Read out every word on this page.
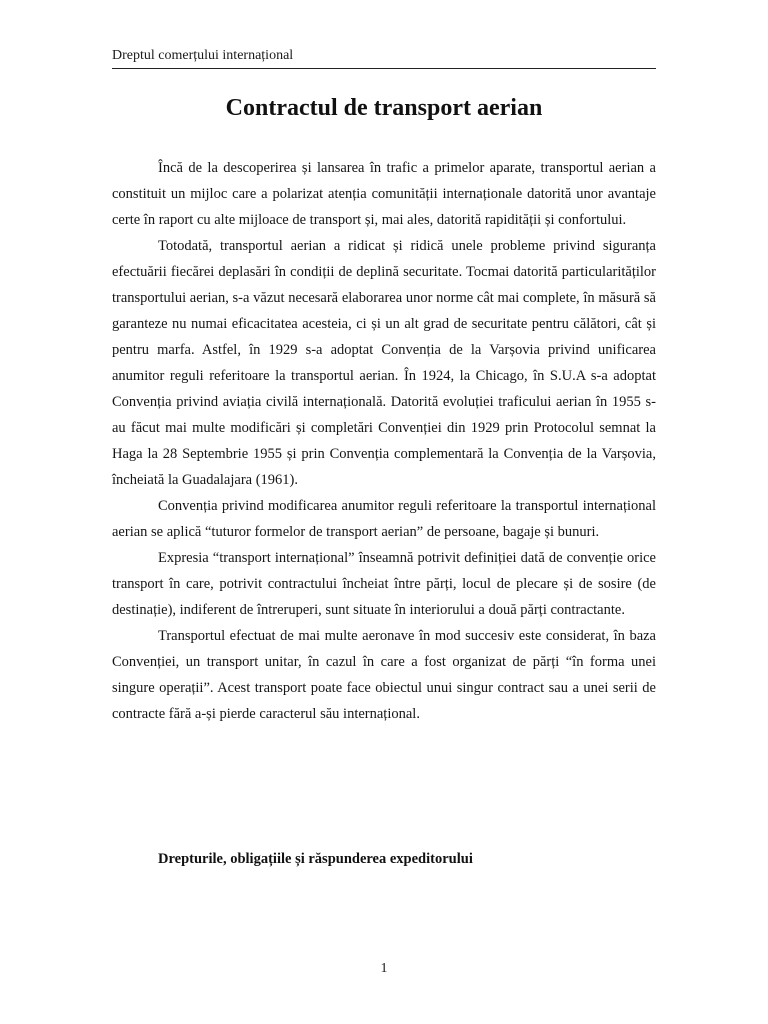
Dreptul comerțului internațional
Contractul de transport aerian

Încă de la descoperirea și lansarea în trafic a primelor aparate, transportul aerian a constituit un mijloc care a polarizat atenția comunității internaționale datorită unor avantaje certe în raport cu alte mijloace de transport și, mai ales, datorită rapidității și confortului.

Totodată, transportul aerian a ridicat și ridică unele probleme privind siguranța efectuării fiecărei deplasări în condiții de deplină securitate. Tocmai datorită particularităților transportului aerian, s-a văzut necesară elaborarea unor norme cât mai complete, în măsură să garanteze nu numai eficacitatea acesteia, ci și un alt grad de securitate pentru călători, cât și pentru marfa. Astfel, în 1929 s-a adoptat Convenția de la Varșovia privind unificarea anumitor reguli referitoare la transportul aerian. În 1924, la Chicago, în S.U.A s-a adoptat Convenția privind aviația civilă internațională. Datorită evoluției traficului aerian în 1955 s-au făcut mai multe modificări și completări Convenției din 1929 prin Protocolul semnat la Haga la 28 Septembrie 1955 și prin Convenția complementară la Convenția de la Varșovia, încheiată la Guadalajara (1961).

Convenția privind modificarea anumitor reguli referitoare la transportul internațional aerian se aplică “tuturor formelor de transport aerian” de persoane, bagaje și bunuri.

Expresia “transport internațional” înseamnă potrivit definiției dată de convenție orice transport în care, potrivit contractului încheiat între părți, locul de plecare și de sosire (de destinație), indiferent de întreruperi, sunt situate în interiorului a două părți contractante.

Transportul efectuat de mai multe aeronave în mod succesiv este considerat, în baza Convenției, un transport unitar, în cazul în care a fost organizat de părți “în forma unei singure operații”. Acest transport poate face obiectul unui singur contract sau a unei serii de contracte fără a-și pierde caracterul său internațional.

Drepturile, obligațiile și răspunderea expeditorului
1
